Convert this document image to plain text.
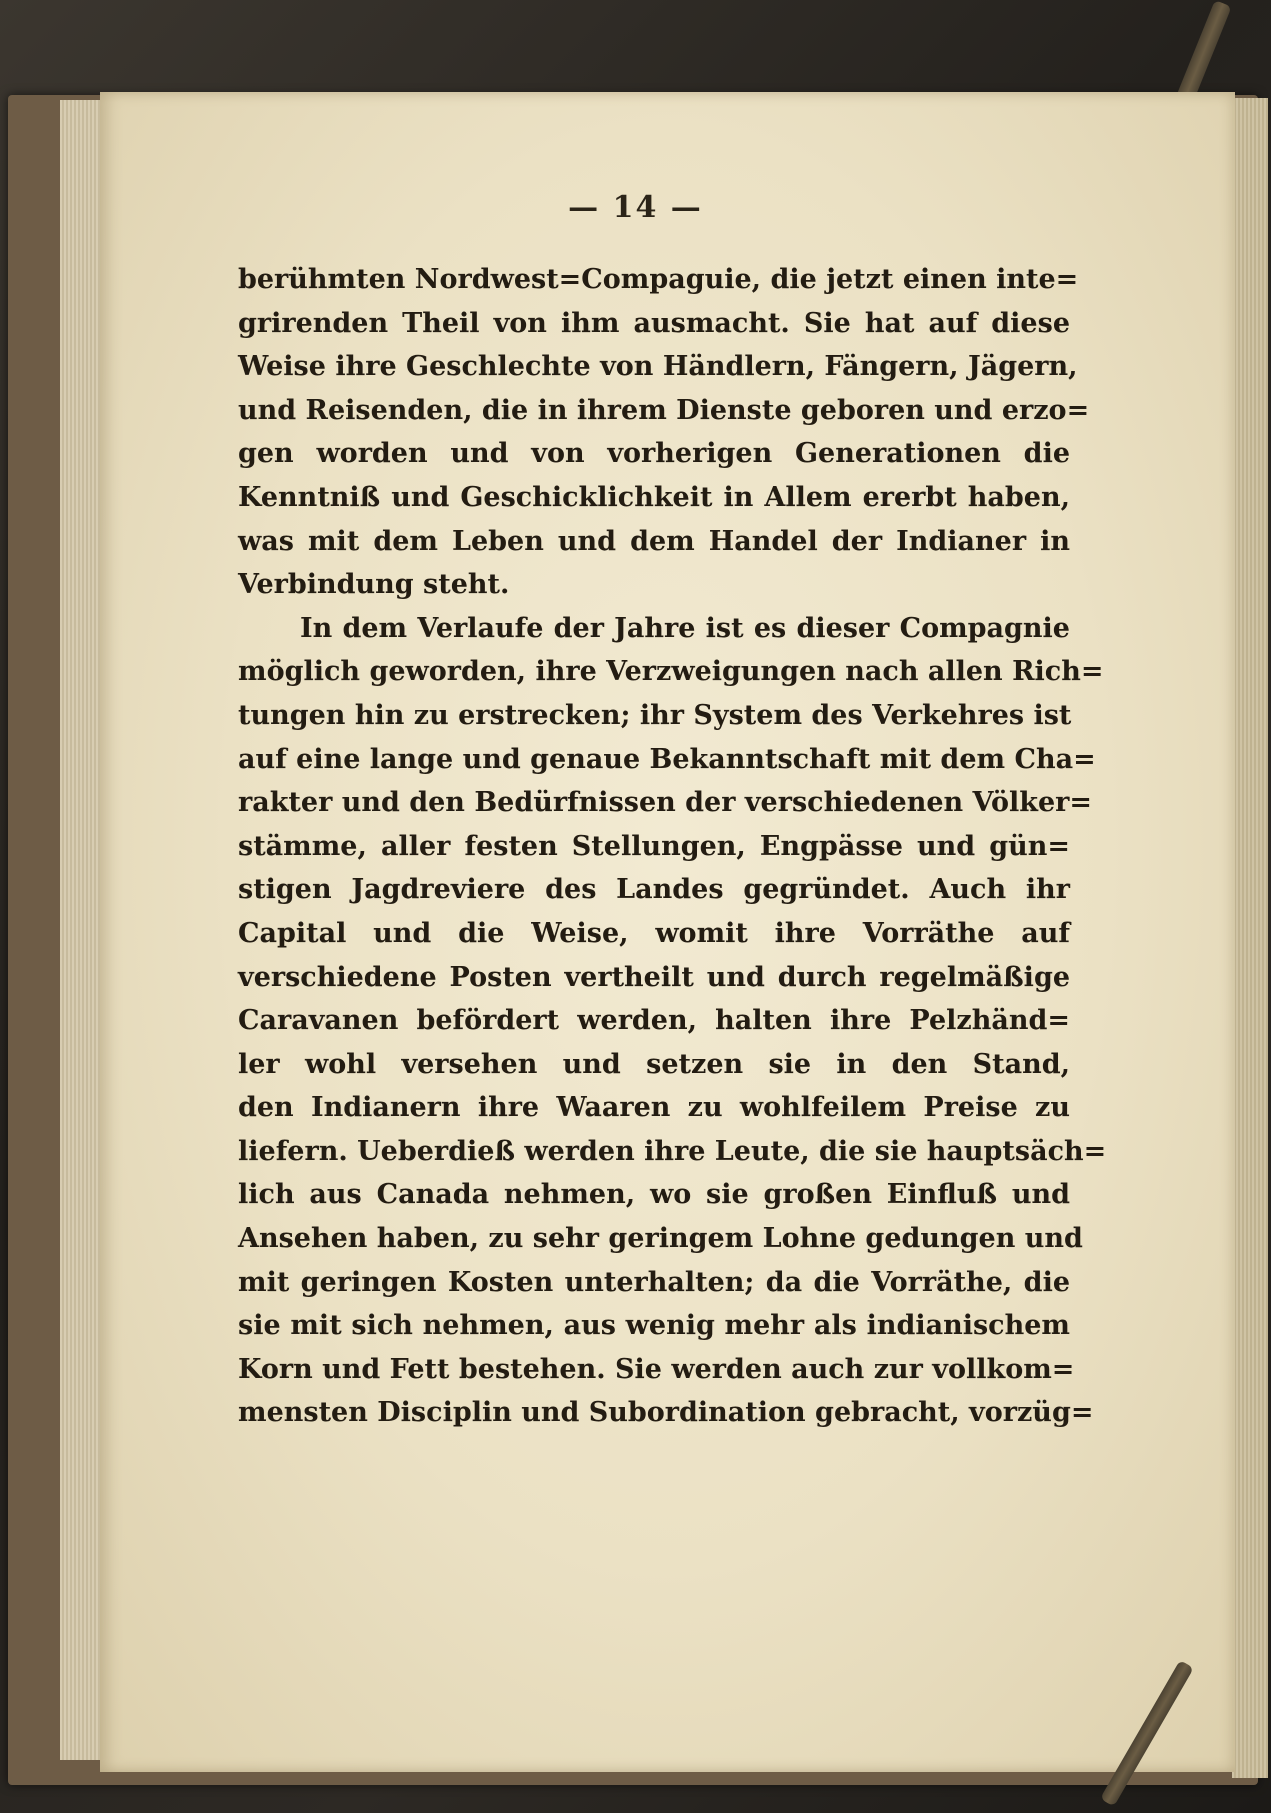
— 14 —
berühmten Nordwest=Compaguie, die jetzt einen inte=
grirenden Theil von ihm ausmacht. Sie hat auf diese
Weise ihre Geschlechte von Händlern, Fängern, Jägern,
und Reisenden, die in ihrem Dienste geboren und erzo=
gen worden und von vorherigen Generationen die
Kenntniß und Geschicklichkeit in Allem ererbt haben,
was mit dem Leben und dem Handel der Indianer in
Verbindung steht.
In dem Verlaufe der Jahre ist es dieser Compagnie
möglich geworden, ihre Verzweigungen nach allen Rich=
tungen hin zu erstrecken; ihr System des Verkehres ist
auf eine lange und genaue Bekanntschaft mit dem Cha=
rakter und den Bedürfnissen der verschiedenen Völker=
stämme, aller festen Stellungen, Engpässe und gün=
stigen Jagdreviere des Landes gegründet. Auch ihr
Capital und die Weise, womit ihre Vorräthe auf
verschiedene Posten vertheilt und durch regelmäßige
Caravanen befördert werden, halten ihre Pelzhänd=
ler wohl versehen und setzen sie in den Stand,
den Indianern ihre Waaren zu wohlfeilem Preise zu
liefern. Ueberdieß werden ihre Leute, die sie hauptsäch=
lich aus Canada nehmen, wo sie großen Einfluß und
Ansehen haben, zu sehr geringem Lohne gedungen und
mit geringen Kosten unterhalten; da die Vorräthe, die
sie mit sich nehmen, aus wenig mehr als indianischem
Korn und Fett bestehen. Sie werden auch zur vollkom=
mensten Disciplin und Subordination gebracht, vorzüg=
